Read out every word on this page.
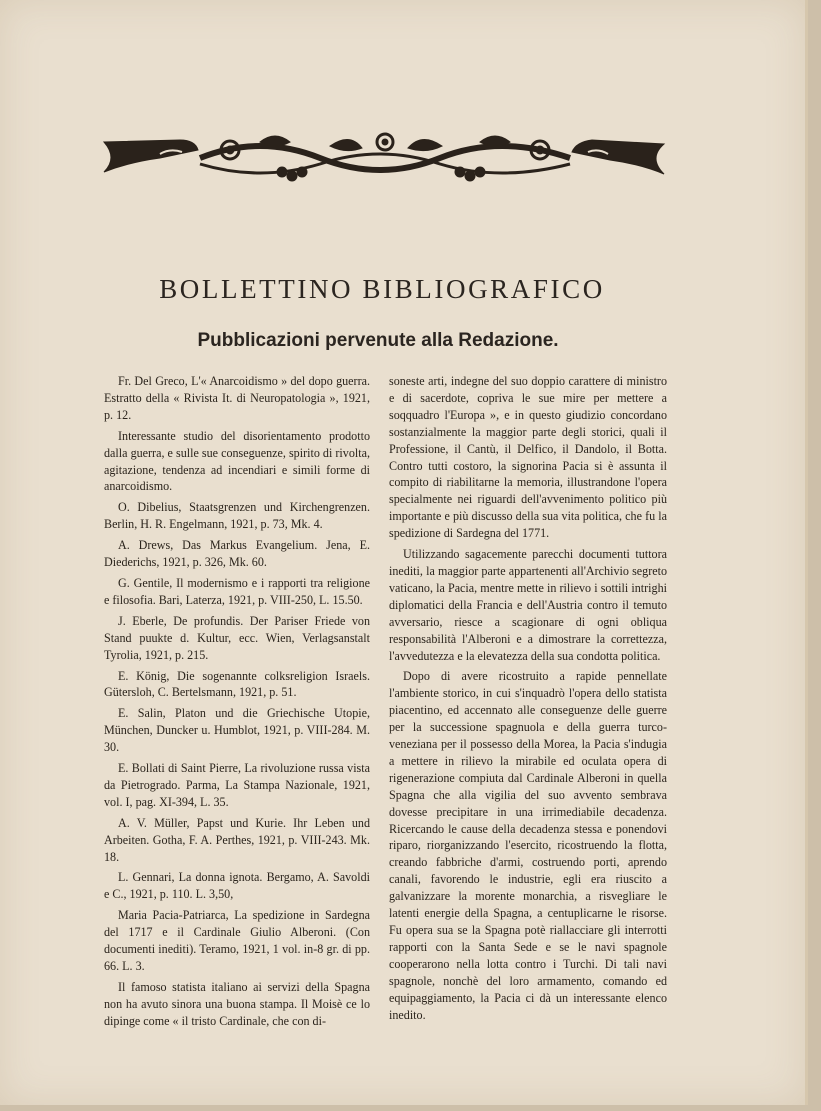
BOLLETTINO BIBLIOGRAFICO
Pubblicazioni pervenute alla Redazione.

Fr. Del Greco, L'« Anarcoidismo » del dopo guerra. Estratto della « Rivista It. di Neuropatologia », 1921, p. 12.

Interessante studio del disorientamento prodotto dalla guerra, e sulle sue conseguenze, spirito di rivolta, agitazione, tendenza ad incendiari e simili forme di anarcoidismo.

O. Dibelius, Staatsgrenzen und Kirchengrenzen. Berlin, H. R. Engelmann, 1921, p. 73, Mk. 4.

A. Drews, Das Markus Evangelium. Jena, E. Diederichs, 1921, p. 326, Mk. 60.

G. Gentile, Il modernismo e i rapporti tra religione e filosofia. Bari, Laterza, 1921, p. VIII-250, L. 15.50.

J. Eberle, De profundis. Der Pariser Friede von Stand puukte d. Kultur, ecc. Wien, Verlagsanstalt Tyrolia, 1921, p. 215.

E. König, Die sogenannte colksreligion Israels. Gütersloh, C. Bertelsmann, 1921, p. 51.

E. Salin, Platon und die Griechische Utopie, München, Duncker u. Humblot, 1921, p. VIII-284. M. 30.

E. Bollati di Saint Pierre, La rivoluzione russa vista da Pietrogrado. Parma, La Stampa Nazionale, 1921, vol. I, pag. XI-394, L. 35.

A. V. Müller, Papst und Kurie. Ihr Leben und Arbeiten. Gotha, F. A. Perthes, 1921, p. VIII-243. Mk. 18.

L. Gennari, La donna ignota. Bergamo, A. Savoldi e C., 1921, p. 110. L. 3,50,

Maria Pacia-Patriarca, La spedizione in Sardegna del 1717 e il Cardinale Giulio Alberoni. (Con documenti inediti). Teramo, 1921, 1 vol. in-8 gr. di pp. 66. L. 3.

Il famoso statista italiano ai servizi della Spagna non ha avuto sinora una buona stampa. Il Moisè ce lo dipinge come « il tristo Cardinale, che con di-

soneste arti, indegne del suo doppio carattere di ministro e di sacerdote, copriva le sue mire per mettere a soqquadro l'Europa », e in questo giudizio concordano sostanzialmente la maggior parte degli storici, quali il Professione, il Cantù, il Delfico, il Dandolo, il Botta. Contro tutti costoro, la signorina Pacia si è assunta il compito di riabilitarne la memoria, illustrandone l'opera specialmente nei riguardi dell'avvenimento politico più importante e più discusso della sua vita politica, che fu la spedizione di Sardegna del 1771.

Utilizzando sagacemente parecchi documenti tuttora inediti, la maggior parte appartenenti all'Archivio segreto vaticano, la Pacia, mentre mette in rilievo i sottili intrighi diplomatici della Francia e dell'Austria contro il temuto avversario, riesce a scagionare di ogni obliqua responsabilità l'Alberoni e a dimostrare la correttezza, l'avvedutezza e la elevatezza della sua condotta politica.

Dopo di avere ricostruito a rapide pennellate l'ambiente storico, in cui s'inquadrò l'opera dello statista piacentino, ed accennato alle conseguenze delle guerre per la successione spagnuola e della guerra turco-veneziana per il possesso della Morea, la Pacia s'indugia a mettere in rilievo la mirabile ed oculata opera di rigenerazione compiuta dal Cardinale Alberoni in quella Spagna che alla vigilia del suo avvento sembrava dovesse precipitare in una irrimediabile decadenza. Ricercando le cause della decadenza stessa e ponendovi riparo, riorganizzando l'esercito, ricostruendo la flotta, creando fabbriche d'armi, costruendo porti, aprendo canali, favorendo le industrie, egli era riuscito a galvanizzare la morente monarchia, a risvegliare le latenti energie della Spagna, a centuplicarne le risorse. Fu opera sua se la Spagna potè riallacciare gli interrotti rapporti con la Santa Sede e se le navi spagnole cooperarono nella lotta contro i Turchi. Di tali navi spagnole, nonchè del loro armamento, comando ed equipaggiamento, la Pacia ci dà un interessante elenco inedito.
